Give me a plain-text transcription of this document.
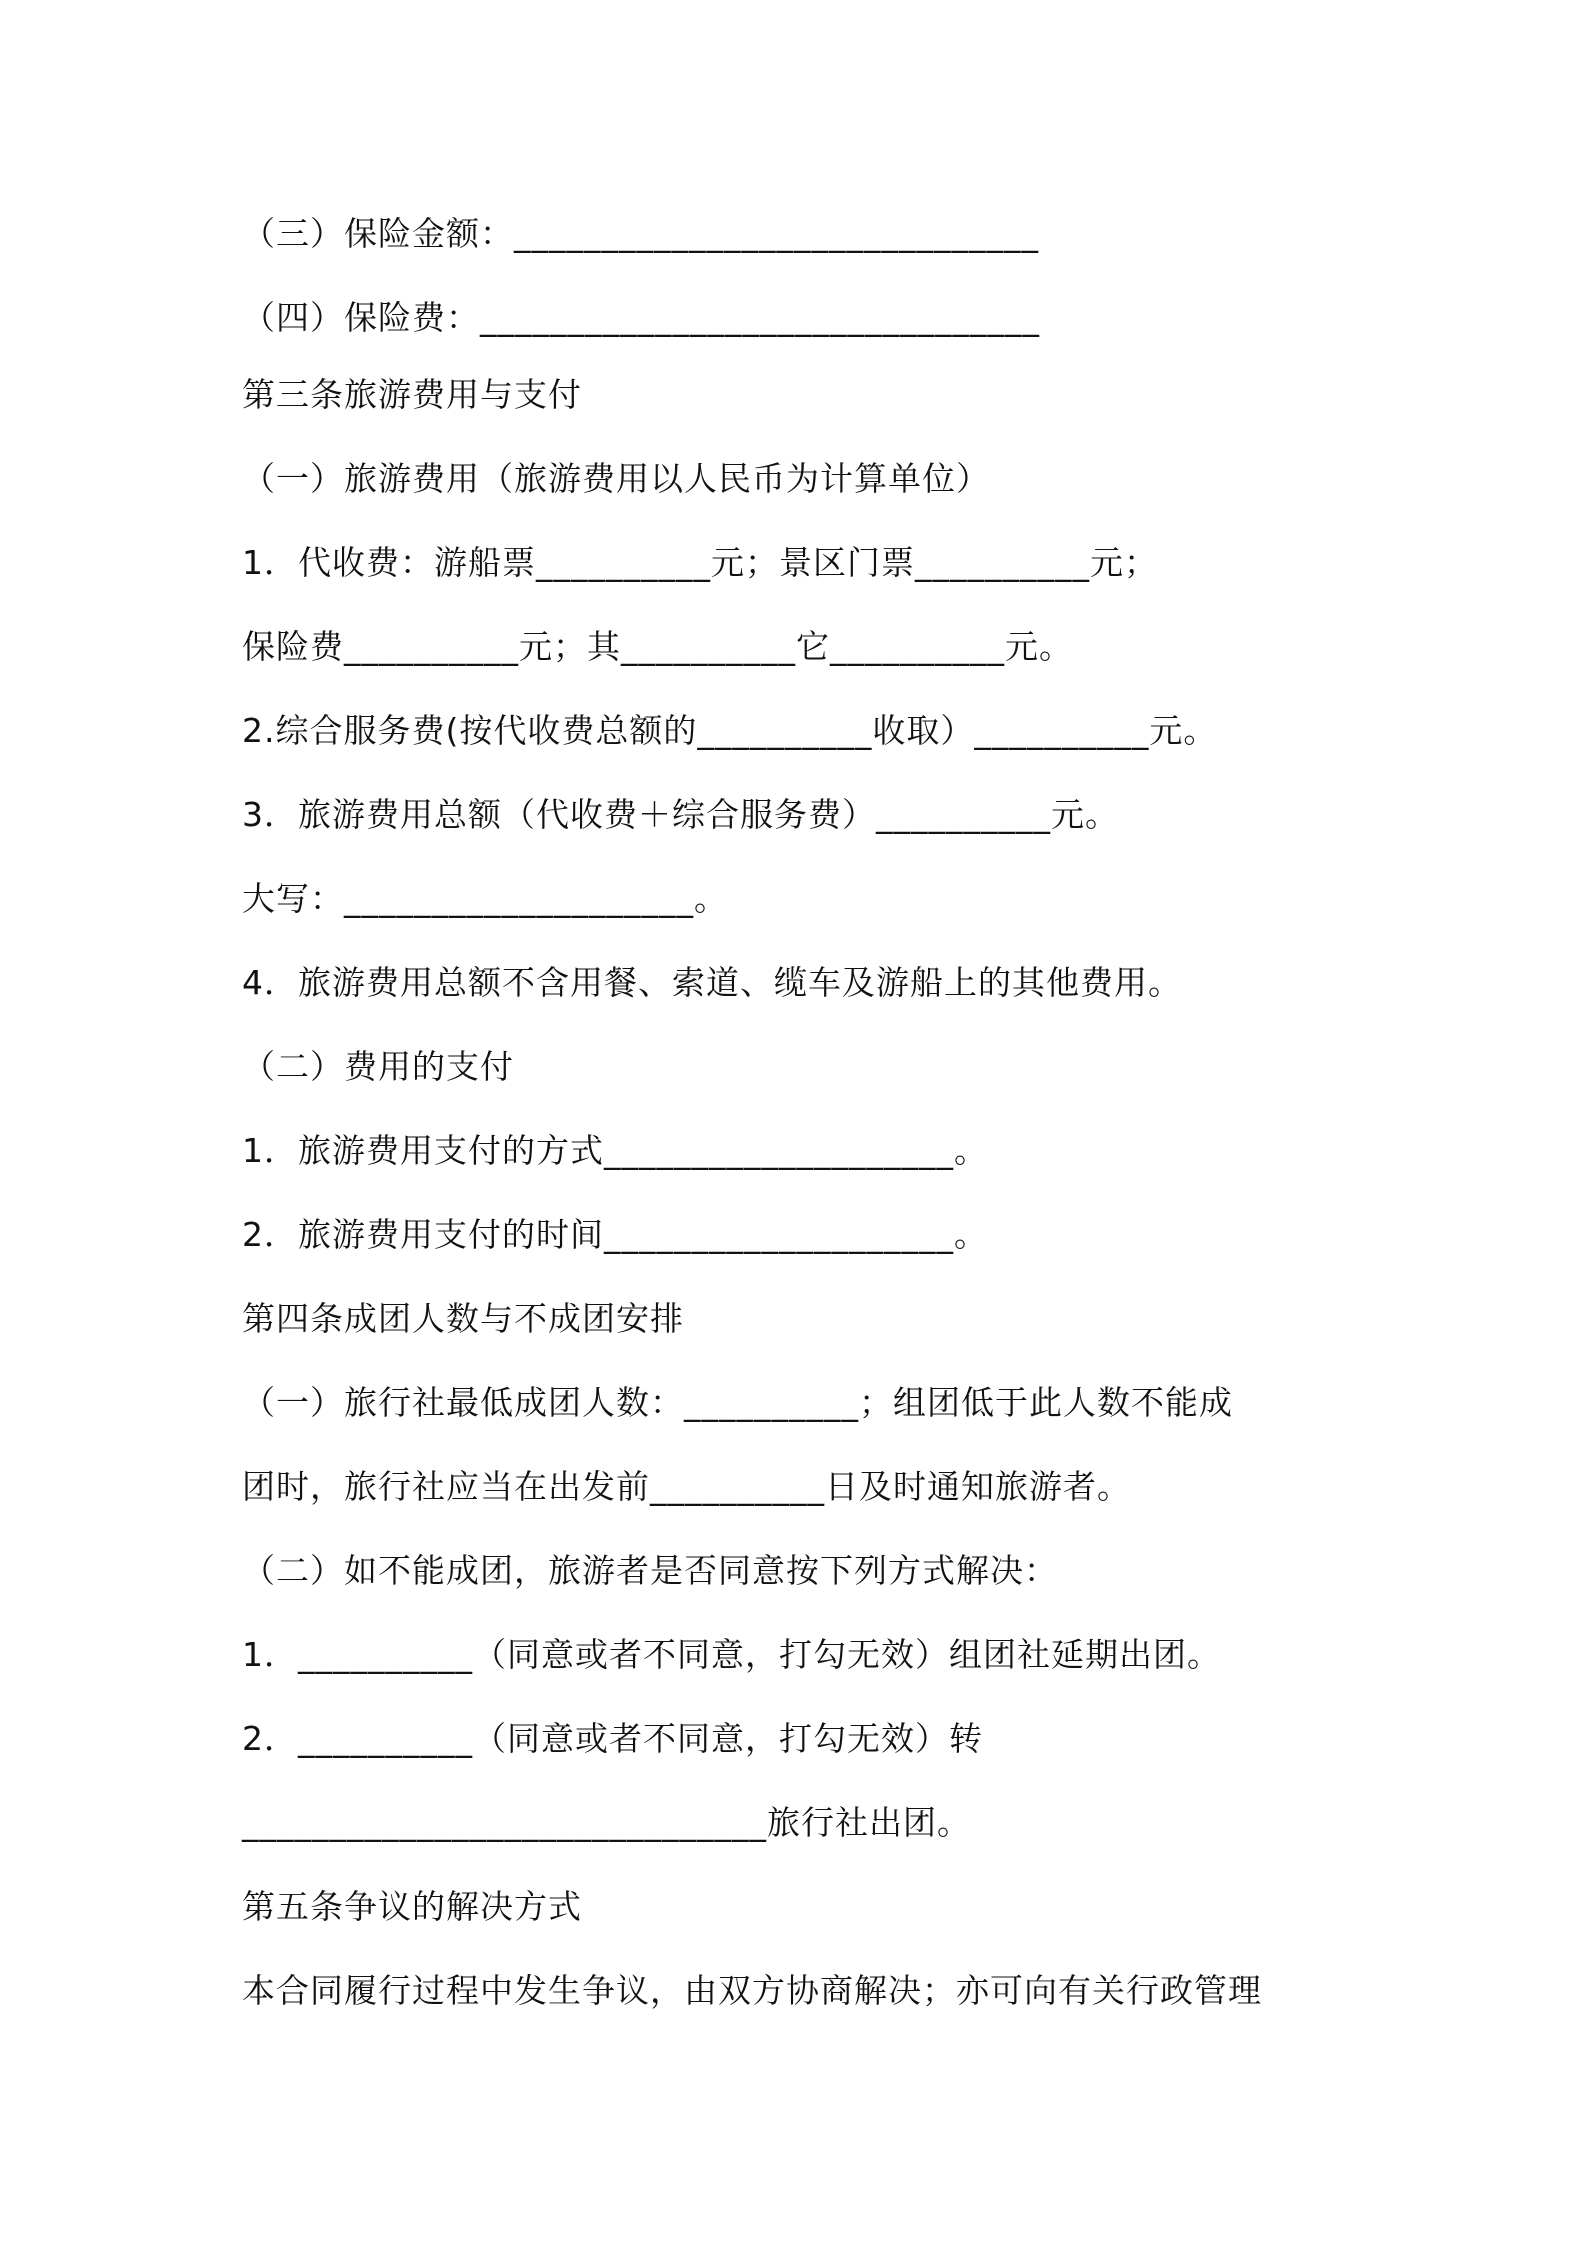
（三）保险金额：______________________________
（四）保险费：________________________________
第三条旅游费用与支付
（一）旅游费用（旅游费用以人民币为计算单位）
1．代收费：游船票__________元；景区门票__________元；
保险费__________元；其__________它__________元。
2.综合服务费(按代收费总额的__________收取）__________元。
3．旅游费用总额（代收费＋综合服务费）__________元。
大写：____________________。
4．旅游费用总额不含用餐、索道、缆车及游船上的其他费用。
（二）费用的支付
1．旅游费用支付的方式____________________。
2．旅游费用支付的时间____________________。
第四条成团人数与不成团安排
（一）旅行社最低成团人数：__________；组团低于此人数不能成
团时，旅行社应当在出发前__________日及时通知旅游者。
（二）如不能成团，旅游者是否同意按下列方式解决：
1．__________（同意或者不同意，打勾无效）组团社延期出团。
2．__________（同意或者不同意，打勾无效）转
______________________________旅行社出团。
第五条争议的解决方式
本合同履行过程中发生争议，由双方协商解决；亦可向有关行政管理
